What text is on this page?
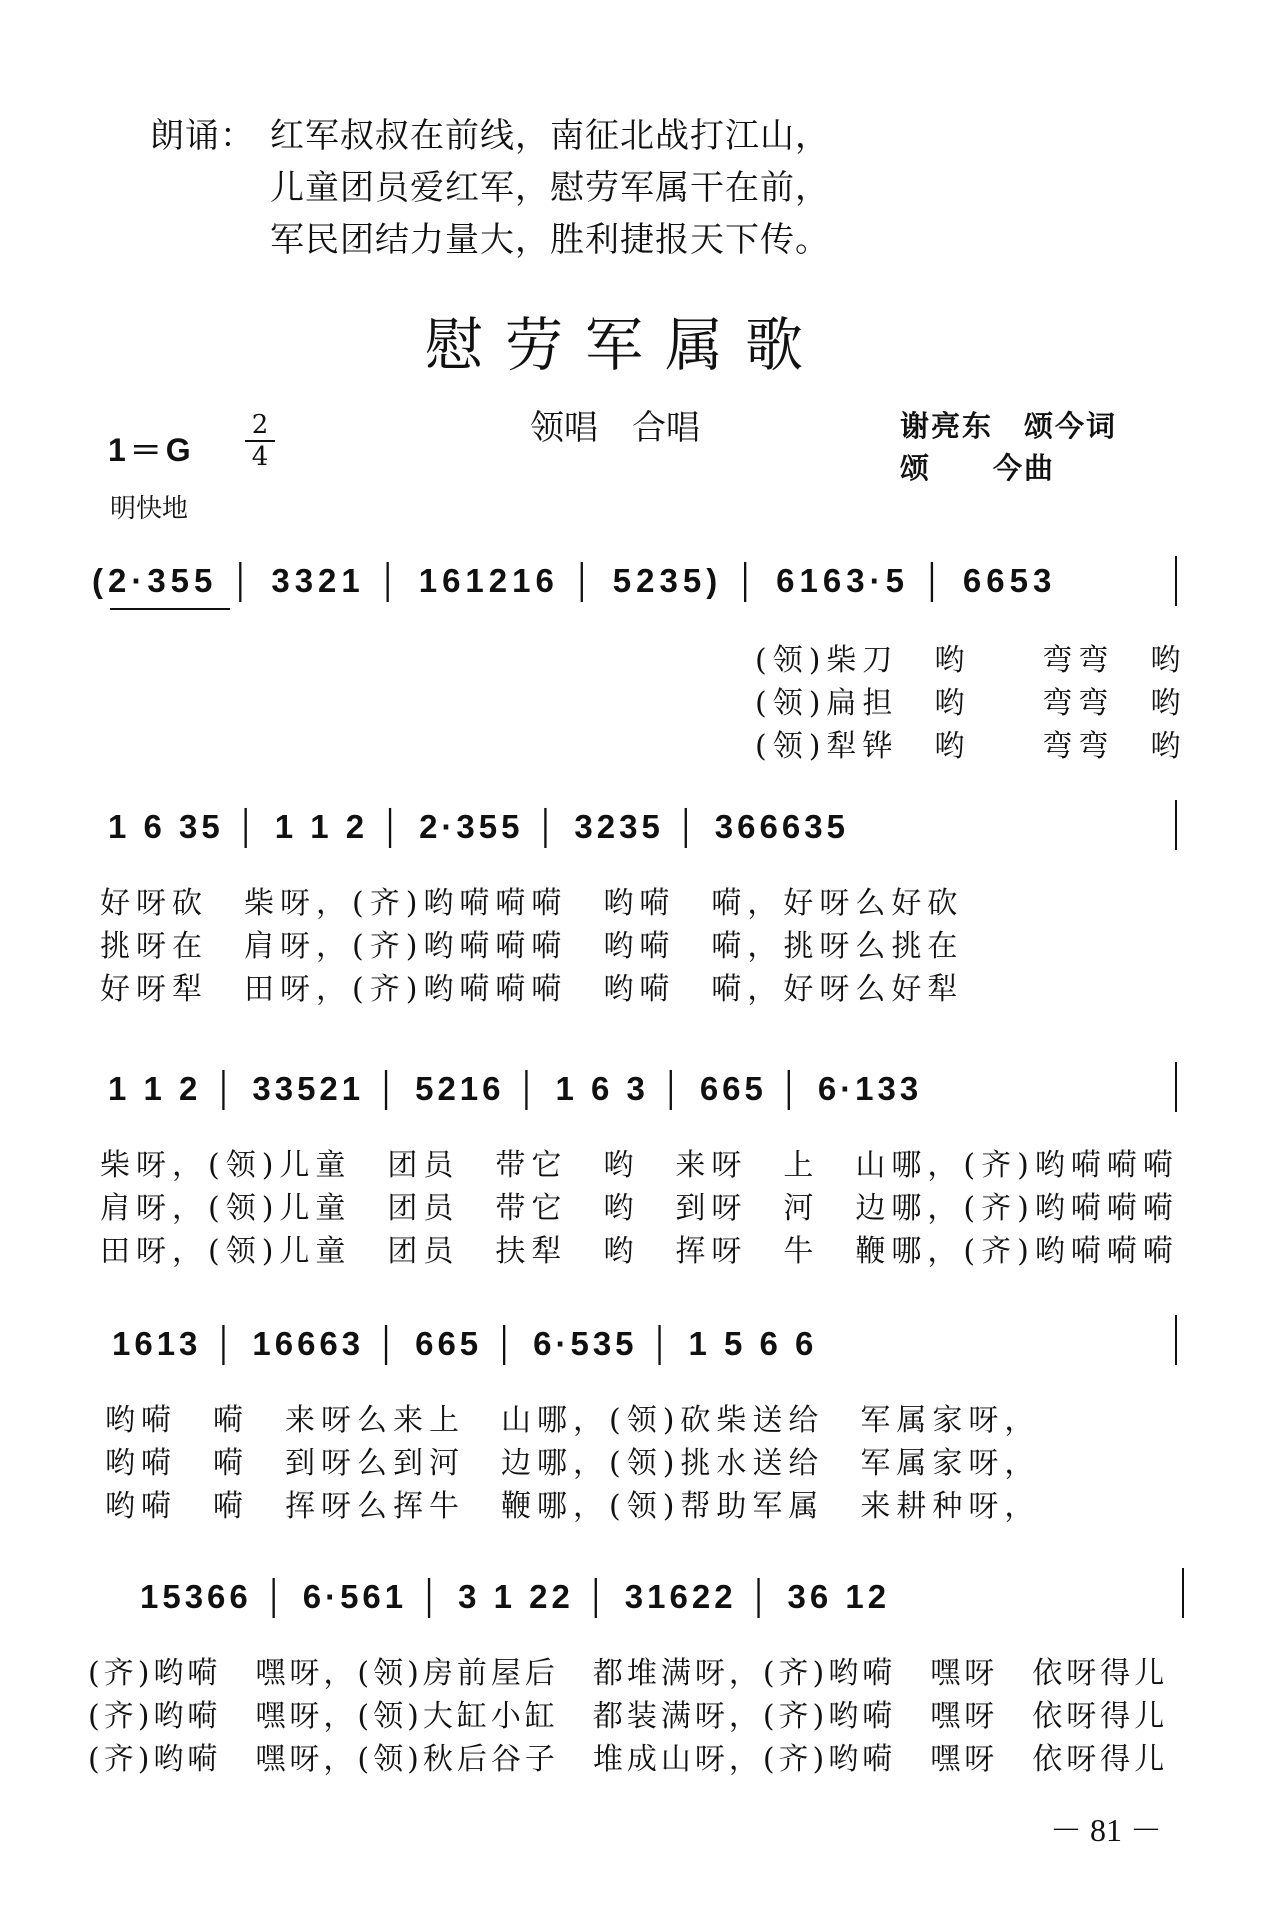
朗诵： 红军叔叔在前线，南征北战打江山，
儿童团员爱红军，慰劳军属干在前，
军民团结力量大，胜利捷报天下传。
慰劳军属歌
1＝G
2
4
明快地
领唱　合唱	谢亮东　颂今词
颂　　今曲
(2·355 │ 3321 │ 161216 │ 5235) │ 6163·5 │ 6653
(领)柴刀　哟　　弯弯　哟
(领)扁担　哟　　弯弯　哟
(领)犁铧　哟　　弯弯　哟
1 6 35 │ 1 1 2 │ 2·355 │ 3235 │ 366635
好呀砍　柴呀，(齐)哟嗬嗬嗬　哟嗬　嗬，好呀么好砍
挑呀在　肩呀，(齐)哟嗬嗬嗬　哟嗬　嗬，挑呀么挑在
好呀犁　田呀，(齐)哟嗬嗬嗬　哟嗬　嗬，好呀么好犁
1 1 2 │ 33521 │ 5216 │ 1 6 3 │ 665 │ 6·133
柴呀，(领)儿童　团员　带它　哟　来呀　上　山哪，(齐)哟嗬嗬嗬
肩呀，(领)儿童　团员　带它　哟　到呀　河　边哪，(齐)哟嗬嗬嗬
田呀，(领)儿童　团员　扶犁　哟　挥呀　牛　鞭哪，(齐)哟嗬嗬嗬
1613 │ 16663 │ 665 │ 6·535 │ 1 5 6 6
哟嗬　嗬　来呀么来上　山哪，(领)砍柴送给　军属家呀，
哟嗬　嗬　到呀么到河　边哪，(领)挑水送给　军属家呀，
哟嗬　嗬　挥呀么挥牛　鞭哪，(领)帮助军属　来耕种呀，
15366 │ 6·561 │ 3 1 22 │ 31622 │ 36 12
(齐)哟嗬　嘿呀，(领)房前屋后　都堆满呀，(齐)哟嗬　嘿呀　依呀得儿
(齐)哟嗬　嘿呀，(领)大缸小缸　都装满呀，(齐)哟嗬　嘿呀　依呀得儿
(齐)哟嗬　嘿呀，(领)秋后谷子　堆成山呀，(齐)哟嗬　嘿呀　依呀得儿
－ 81 －
